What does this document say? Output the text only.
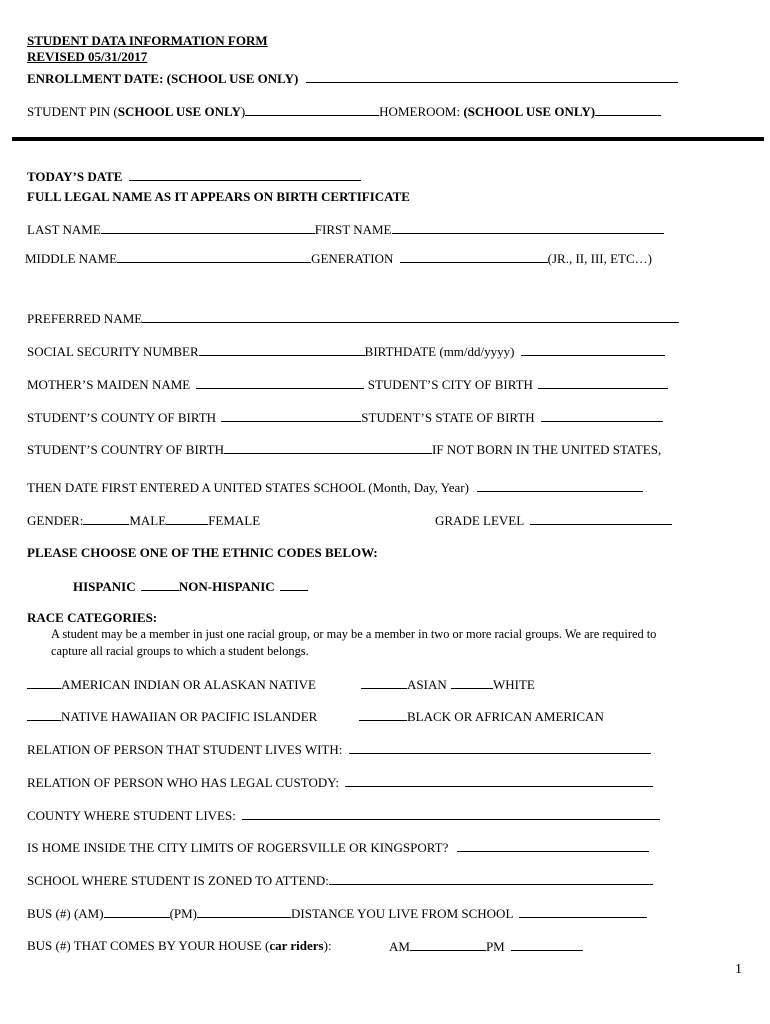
STUDENT DATA INFORMATION FORM
REVISED 05/31/2017
ENROLLMENT DATE: (SCHOOL USE ONLY)
STUDENT PIN (SCHOOL USE ONLY)	HOMEROOM: (SCHOOL USE ONLY)
TODAY’S DATE
FULL LEGAL NAME AS IT APPEARS ON BIRTH CERTIFICATE
LAST NAME	FIRST NAME
MIDDLE NAME	GENERATION	(JR., II, III, ETC…)
PREFERRED NAME
SOCIAL SECURITY NUMBER	BIRTHDATE (mm/dd/yyyy)
MOTHER’S MAIDEN NAME	STUDENT’S CITY OF BIRTH
STUDENT’S COUNTY OF BIRTH	STUDENT’S STATE OF BIRTH
STUDENT’S COUNTRY OF BIRTH	IF NOT BORN IN THE UNITED STATES,
THEN DATE FIRST ENTERED A UNITED STATES SCHOOL (Month, Day, Year)
GENDER:	MALE	FEMALE	GRADE LEVEL
PLEASE CHOOSE ONE OF THE ETHNIC CODES BELOW:
HISPANIC	NON-HISPANIC
RACE CATEGORIES:
A student may be a member in just one racial group, or may be a member in two or more racial groups. We are required to
capture all racial groups to which a student belongs.
AMERICAN INDIAN OR ALASKAN NATIVE	ASIAN	WHITE
NATIVE HAWAIIAN OR PACIFIC ISLANDER	BLACK OR AFRICAN AMERICAN
RELATION OF PERSON THAT STUDENT LIVES WITH:
RELATION OF PERSON WHO HAS LEGAL CUSTODY:
COUNTY WHERE STUDENT LIVES:
IS HOME INSIDE THE CITY LIMITS OF ROGERSVILLE OR KINGSPORT?
SCHOOL WHERE STUDENT IS ZONED TO ATTEND:
BUS (#) (AM)	(PM)	DISTANCE YOU LIVE FROM SCHOOL
BUS (#) THAT COMES BY YOUR HOUSE (car riders):	AM	PM
1
